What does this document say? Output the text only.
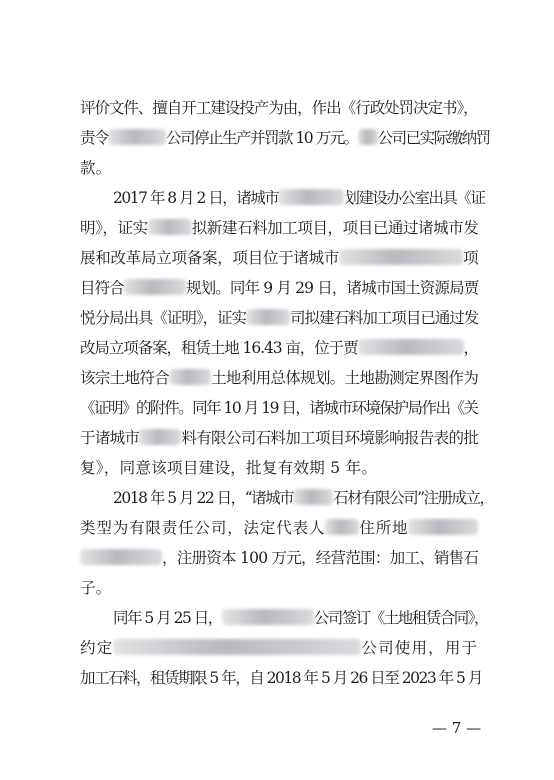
评价文件、擅自开工建设投产为由，作出《行政处罚决定书》，
责令	公司停止生产并罚款 10 万元。 公司已实际缴纳罚
款。
2017 年 8 月 2 日，诸城市	划建设办公室出具《证
明》，证实	拟新建石料加工项目，项目已通过诸城市发
展和改革局立项备案，项目位于诸城市	项
目符合	规划。同年 9 月 29 日，诸城市国土资源局贾
悦分局出具《证明》，证实	司拟建石料加工项目已通过发
改局立项备案，租赁土地 16.43 亩，位于贾	，
该宗土地符合	土地利用总体规划。土地勘测定界图作为
《证明》的附件。同年 10 月 19 日，诸城市环境保护局作出《关
于诸城市	料有限公司石料加工项目环境影响报告表的批
复》，同意该项目建设，批复有效期 5 年。
2018 年 5 月 22 日，“诸城市	石材有限公司”注册成立，
类型为有限责任公司，法定代表人 住所地
，注册资本 100 万元，经营范围：加工、销售石
子。
同年 5 月 25 日，	公司签订《土地租赁合同》，
约定	公司使用，用于
加工石料，租赁期限 5 年，自 2018 年 5 月 26 日至 2023 年 5 月
— 7 —
